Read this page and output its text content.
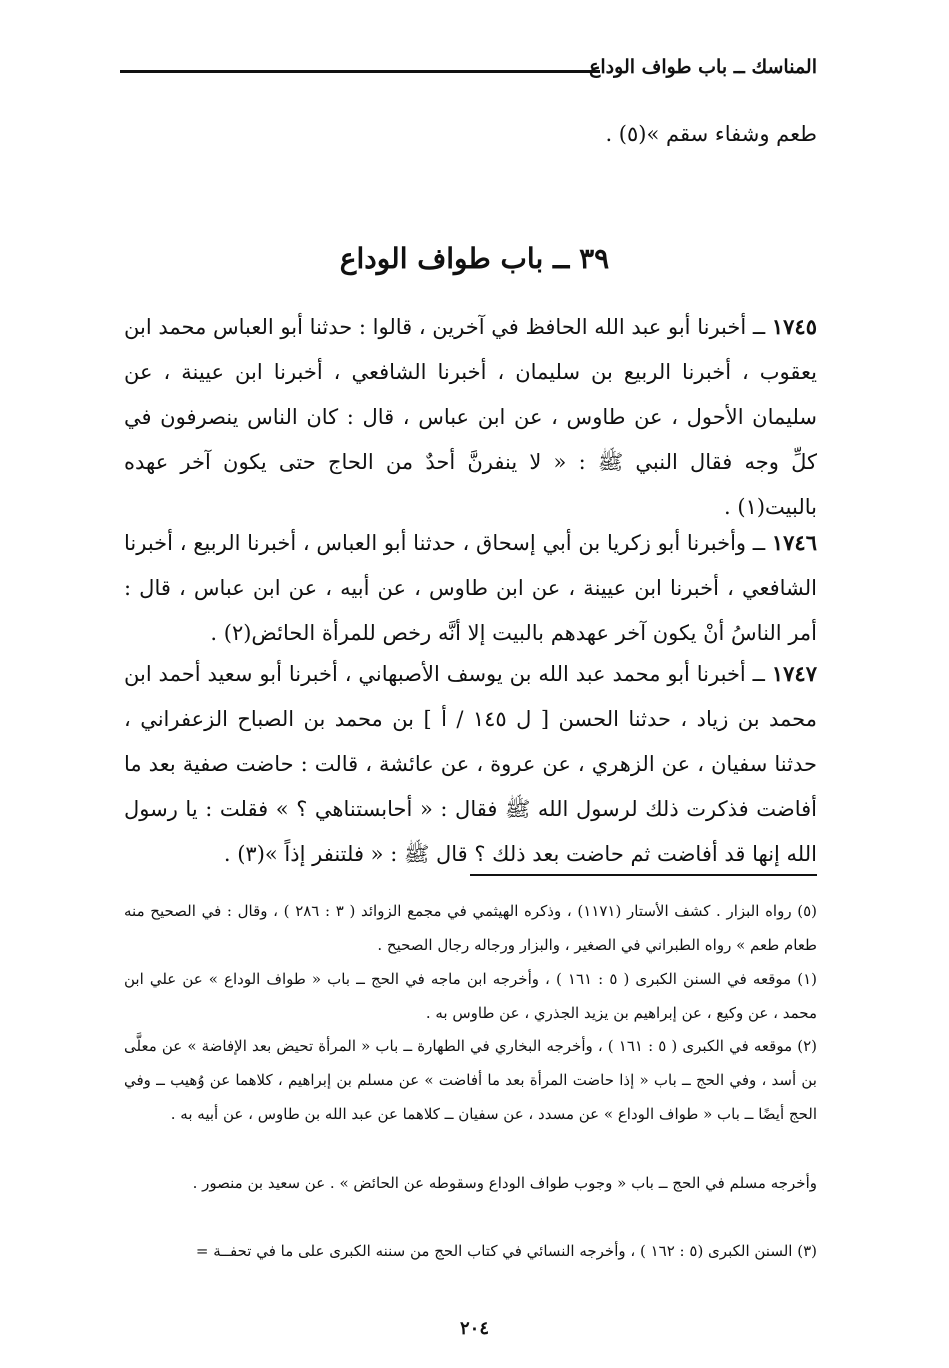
المناسك ــ باب طواف الوداع
طعم وشفاء سقم »(٥) .
٣٩ ــ باب طواف الوداع
١٧٤٥ ــ أخبرنا أبو عبد الله الحافظ في آخرين ، قالوا : حدثنا أبو العباس محمد ابن يعقوب ، أخبرنا الربيع بن سليمان ، أخبرنا الشافعي ، أخبرنا ابن عيينة ، عن سليمان الأحول ، عن طاوس ، عن ابن عباس ، قال : كان الناس ينصرفون في كلِّ وجه فقال النبي ﷺ : « لا ينفرنَّ أحدٌ من الحاج حتى يكون آخر عهده بالبيت(١) .
١٧٤٦ ــ وأخبرنا أبو زكريا بن أبي إسحاق ، حدثنا أبو العباس ، أخبرنا الربيع ، أخبرنا الشافعي ، أخبرنا ابن عيينة ، عن ابن طاوس ، عن أبيه ، عن ابن عباس ، قال : أمر الناسُ أنْ يكون آخر عهدهم بالبيت إلا أنَّه رخص للمرأة الحائض(٢) .
١٧٤٧ ــ أخبرنا أبو محمد عبد الله بن يوسف الأصبهاني ، أخبرنا أبو سعيد أحمد ابن محمد بن زياد ، حدثنا الحسن [ ل ١٤٥ / أ ] بن محمد بن الصباح الزعفراني ، حدثنا سفيان ، عن الزهري ، عن عروة ، عن عائشة ، قالت : حاضت صفية بعد ما أفاضت فذكرت ذلك لرسول الله ﷺ فقال : « أحابستناهي ؟ » فقلت : يا رسول الله إنها قد أفاضت ثم حاضت بعد ذلك ؟ قال ﷺ : « فلتنفر إذاً »(٣) .
(٥) رواه البزار . كشف الأستار (١١٧١) ، وذكره الهيثمي في مجمع الزوائد ( ٣ : ٢٨٦ ) ، وقال : في الصحيح منه طعام طعم » رواه الطبراني في الصغير ، والبزار ورجاله رجال الصحيح .
(١) موقعه في السنن الكبرى ( ٥ : ١٦١ ) ، وأخرجه ابن ماجه في الحج ــ باب « طواف الوداع » عن علي ابن محمد ، عن وكيع ، عن إبراهيم بن يزيد الجذري ، عن طاوس به .
(٢) موقعه في الكبرى ( ٥ : ١٦١ ) ، وأخرجه البخاري في الطهارة ــ باب « المرأة تحيض بعد الإفاضة » عن معلَّى بن أسد ، وفي الحج ــ باب « إذا حاضت المرأة بعد ما أفاضت » عن مسلم بن إبراهيم ، كلاهما عن وُهيب ــ وفي الحج أيضًا ــ باب « طواف الوداع » عن مسدد ، عن سفيان ــ كلاهما عن عبد الله بن طاوس ، عن أبيه به .
وأخرجه مسلم في الحج ــ باب « وجوب طواف الوداع وسقوطه عن الحائض » . عن سعيد بن منصور .
(٣) السنن الكبرى (٥ : ١٦٢ ) ، وأخرجه النسائي في كتاب الحج من سننه الكبرى على ما في تحفــة =
٢٠٤
